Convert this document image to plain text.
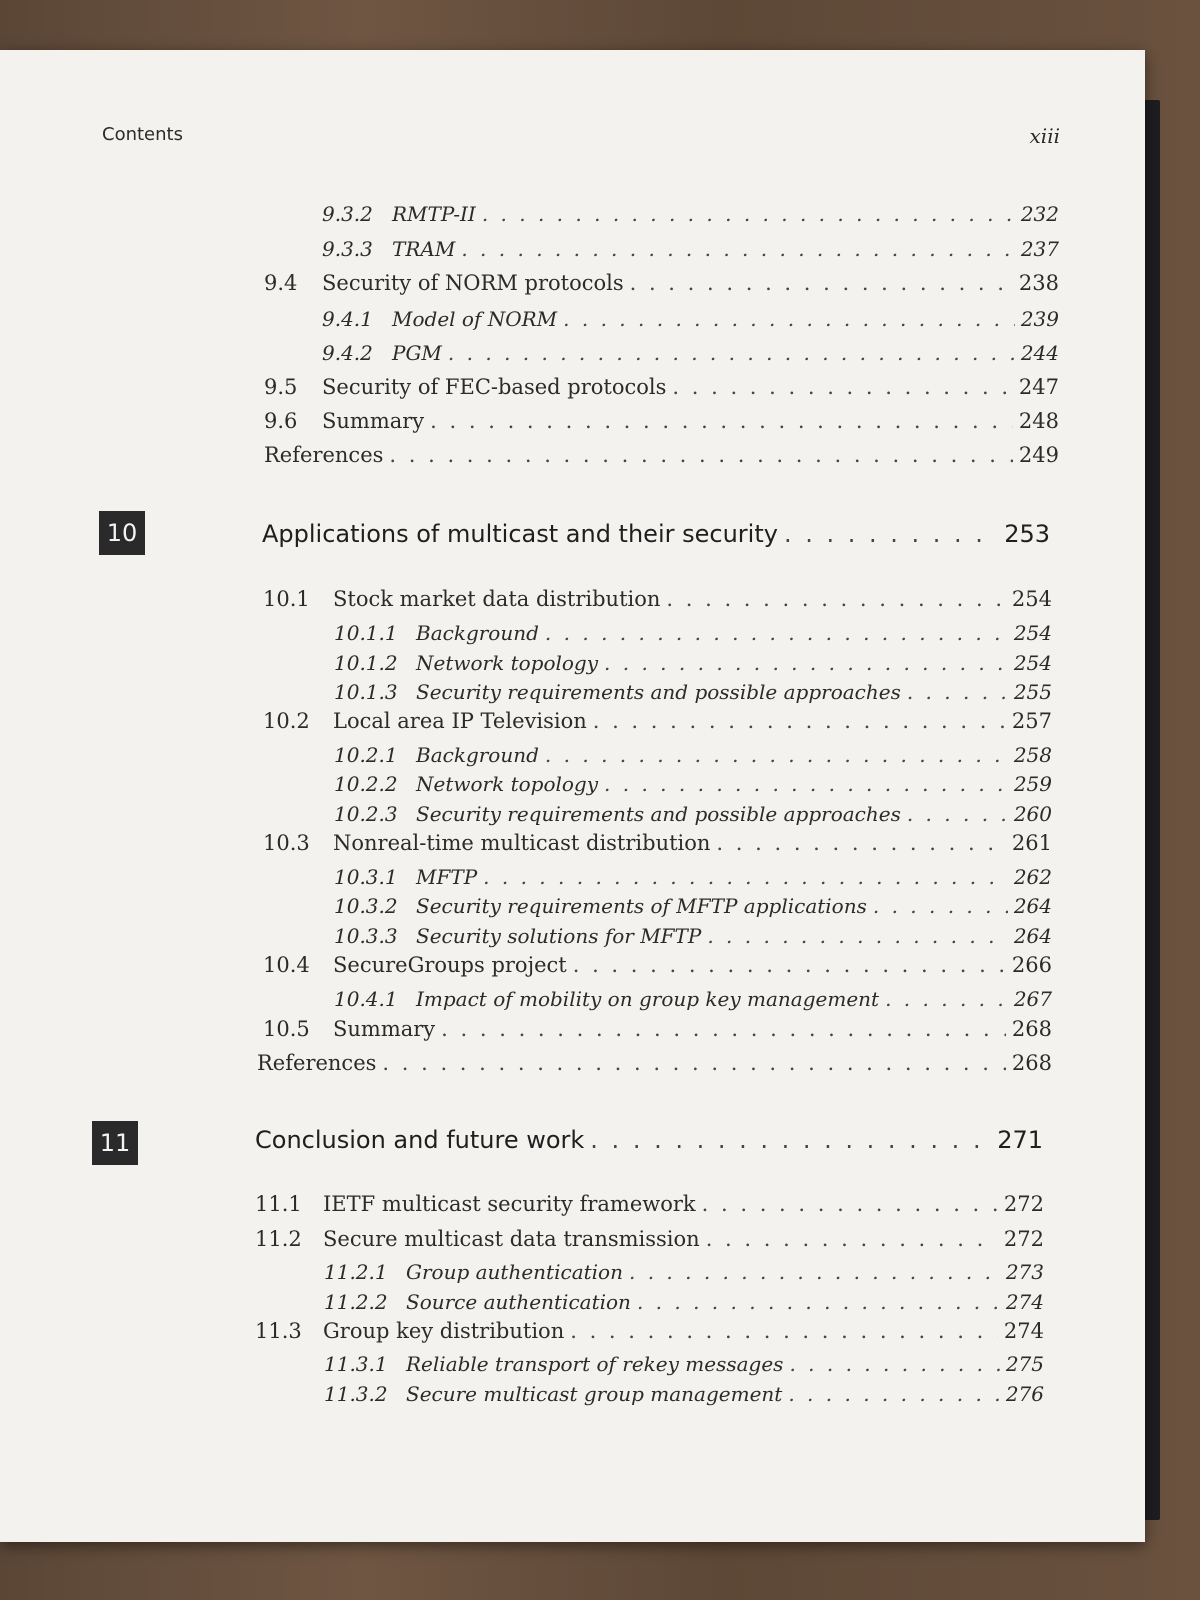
Contents	xiii
9.3.2 RMTP-II . . .	232
9.3.3 TRAM . . .	237
9.4	Security of NORM protocols . . .	238
9.4.1 Model of NORM . . .	239
9.4.2 PGM . . .	244
9.5	Security of FEC-based protocols . . .	247
9.6	Summary . . .	248
References . . .	249
10	Applications of multicast and their security . . .	253
10.1	Stock market data distribution . . .	254
10.1.1 Background . . .	254
10.1.2 Network topology . . .	254
10.1.3 Security requirements and possible approaches . . .	255
10.2	Local area IP Television . . .	257
10.2.1 Background . . .	258
10.2.2 Network topology . . .	259
10.2.3 Security requirements and possible approaches . . .	260
10.3	Nonreal-time multicast distribution . . .	261
10.3.1 MFTP . . .	262
10.3.2 Security requirements of MFTP applications . . .	264
10.3.3 Security solutions for MFTP . . .	264
10.4	SecureGroups project . . .	266
10.4.1 Impact of mobility on group key management . . .	267
10.5	Summary . . .	268
References . . .	268
11	Conclusion and future work . . .	271
11.1	IETF multicast security framework . . .	272
11.2	Secure multicast data transmission . . .	272
11.2.1 Group authentication . . .	273
11.2.2 Source authentication . . .	274
11.3	Group key distribution . . .	274
11.3.1 Reliable transport of rekey messages . . .	275
11.3.2 Secure multicast group management . . .	276
